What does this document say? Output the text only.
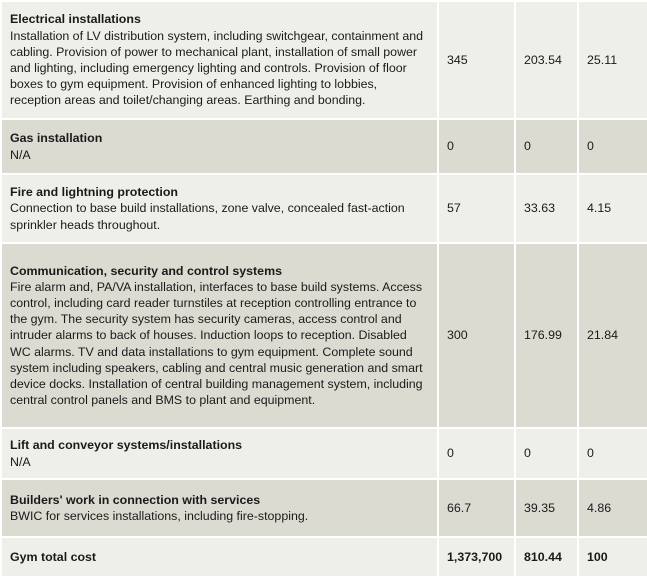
Electrical installations
Installation of LV distribution system, including switchgear, containment and cabling. Provision of power to mechanical plant, installation of small power and lighting, including emergency lighting and controls. Provision of floor boxes to gym equipment. Provision of enhanced lighting to lobbies, reception areas and toilet/changing areas. Earthing and bonding.	345	203.54	25.11

Gas installation
N/A	0	0	0

Fire and lightning protection
Connection to base build installations, zone valve, concealed fast-action sprinkler heads throughout.	57	33.63	4.15

Communication, security and control systems
Fire alarm and, PA/VA installation, interfaces to base build systems. Access control, including card reader turnstiles at reception controlling entrance to the gym. The security system has security cameras, access control and intruder alarms to back of houses. Induction loops to reception. Disabled WC alarms. TV and data installations to gym equipment. Complete sound system including speakers, cabling and central music generation and smart device docks. Installation of central building management system, including central control panels and BMS to plant and equipment.	300	176.99	21.84

Lift and conveyor systems/installations
N/A	0	0	0

Builders' work in connection with services
BWIC for services installations, including fire-stopping.	66.7	39.35	4.86
Gym total cost	1,373,700	810.44	100
